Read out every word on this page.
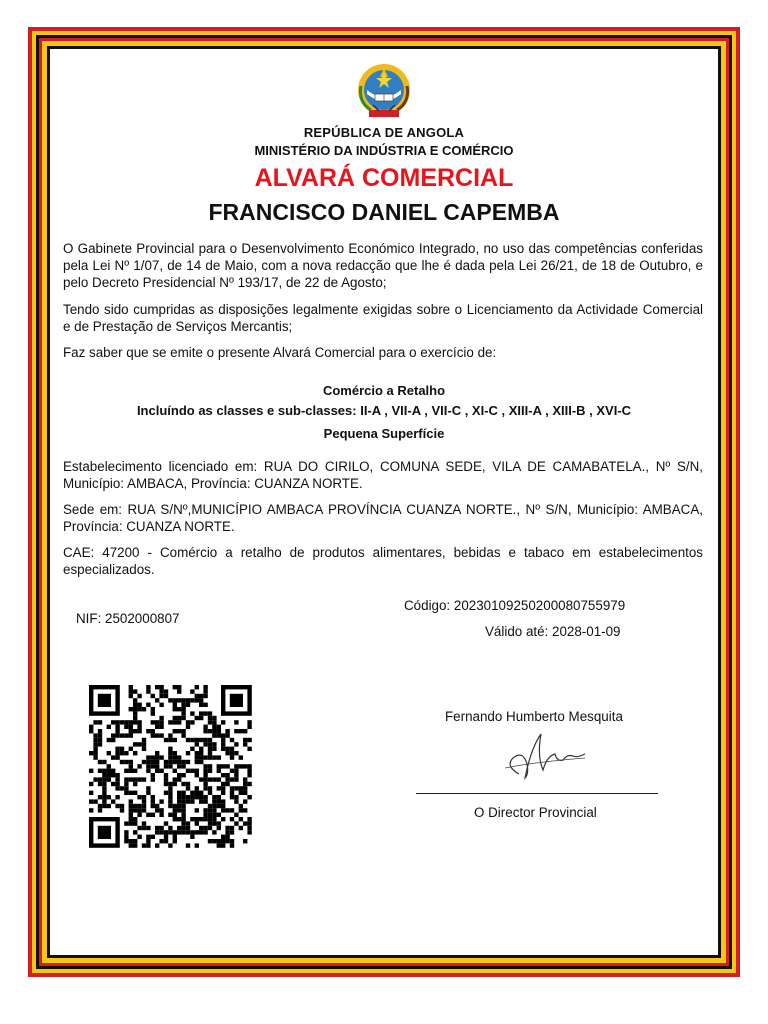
REPÚBLICA DE ANGOLA
MINISTÉRIO DA INDÚSTRIA E COMÉRCIO
ALVARÁ COMERCIAL
FRANCISCO DANIEL CAPEMBA
O Gabinete Provincial para o Desenvolvimento Económico Integrado, no uso das competências conferidas pela Lei Nº 1/07, de 14 de Maio, com a nova redacção que lhe é dada pela Lei 26/21, de 18 de Outubro, e pelo Decreto Presidencial Nº 193/17, de 22 de Agosto;
Tendo sido cumpridas as disposições legalmente exigidas sobre o Licenciamento da Actividade Comercial e de Prestação de Serviços Mercantis;
Faz saber que se emite o presente Alvará Comercial para o exercício de:
Comércio a Retalho
Incluíndo as classes e sub-classes: II-A , VII-A , VII-C , XI-C , XIII-A , XIII-B , XVI-C
Pequena Superfície
Estabelecimento licenciado em: RUA DO CIRILO, COMUNA SEDE, VILA DE CAMABATELA., Nº S/N, Município: AMBACA, Província: CUANZA NORTE.
Sede em: RUA S/Nº,MUNICÍPIO AMBACA PROVÍNCIA CUANZA NORTE., Nº S/N, Município: AMBACA, Província: CUANZA NORTE.
CAE: 47200 - Comércio a retalho de produtos alimentares, bebidas e tabaco em estabelecimentos especializados.
NIF: 2502000807
Código: 20230109250200080755979
Válido até: 2028-01-09
Fernando Humberto Mesquita
O Director Provincial
